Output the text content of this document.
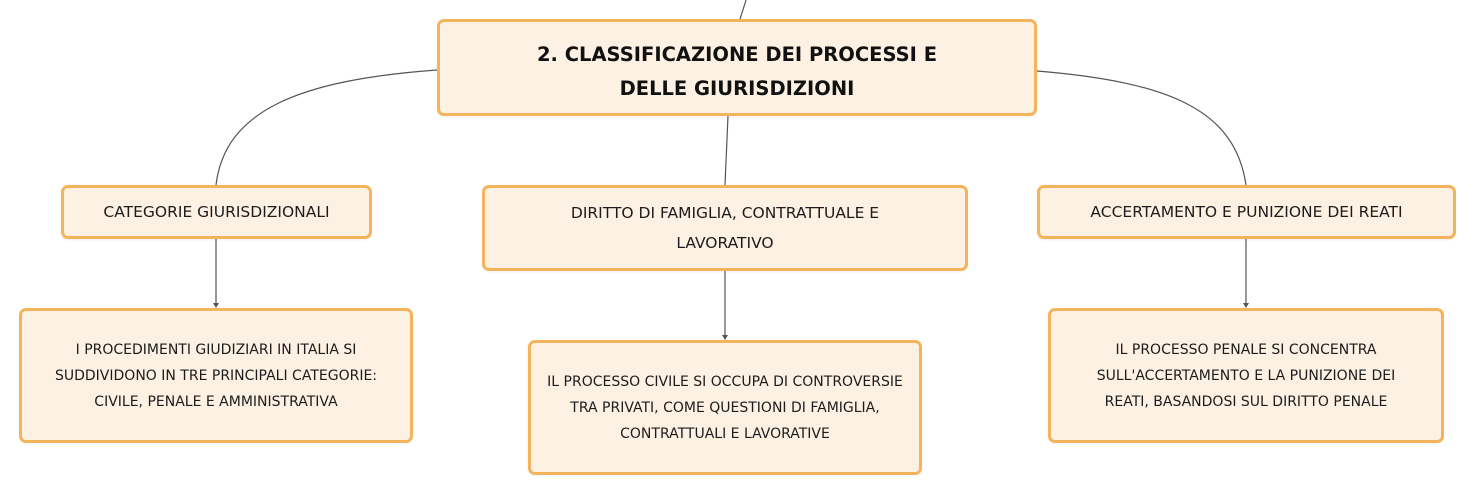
2. CLASSIFICAZIONE DEI PROCESSI E DELLE GIURISDIZIONI
CATEGORIE GIURISDIZIONALI	DIRITTO DI FAMIGLIA, CONTRATTUALE E LAVORATIVO
ACCERTAMENTO E PUNIZIONE DEI REATI
I PROCEDIMENTI GIUDIZIARI IN ITALIA SI SUDDIVIDONO IN TRE PRINCIPALI CATEGORIE: CIVILE, PENALE E AMMINISTRATIVA
IL PROCESSO CIVILE SI OCCUPA DI CONTROVERSIE TRA PRIVATI, COME QUESTIONI DI FAMIGLIA, CONTRATTUALI E LAVORATIVE
IL PROCESSO PENALE SI CONCENTRA SULL'ACCERTAMENTO E LA PUNIZIONE DEI REATI, BASANDOSI SUL DIRITTO PENALE
